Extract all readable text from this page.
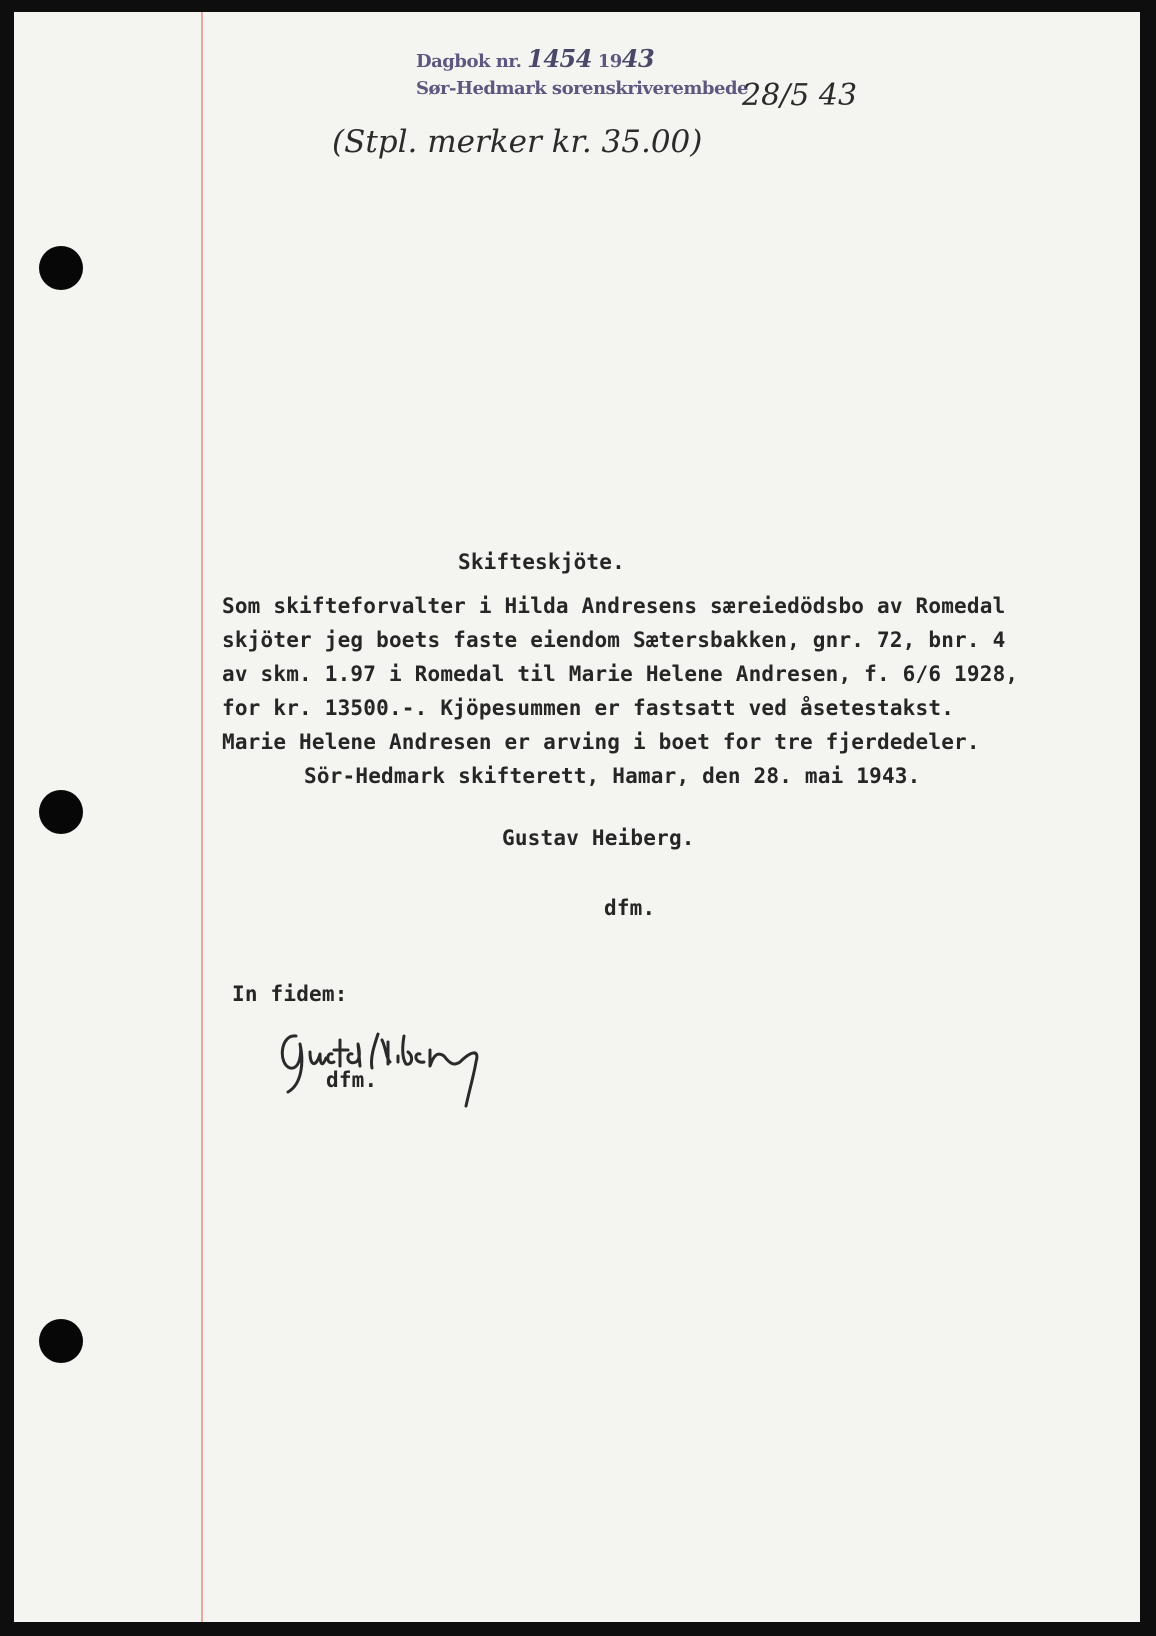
Dagbok nr. 1454 1943
Sør-Hedmark sorenskriverembede
28/5 43
(Stpl. merker kr. 35.00)
Skifteskjöte.
Som skifteforvalter i Hilda Andresens særeiedödsbo av Romedal
skjöter jeg boets faste eiendom Sætersbakken, gnr. 72, bnr. 4
av skm. 1.97 i Romedal til Marie Helene Andresen, f. 6/6 1928,
for kr. 13500.-. Kjöpesummen er fastsatt ved åsetestakst.
Marie Helene Andresen er arving i boet for tre fjerdedeler.
Sör-Hedmark skifterett, Hamar, den 28. mai 1943.
Gustav Heiberg.
dfm.
In fidem:
dfm.
